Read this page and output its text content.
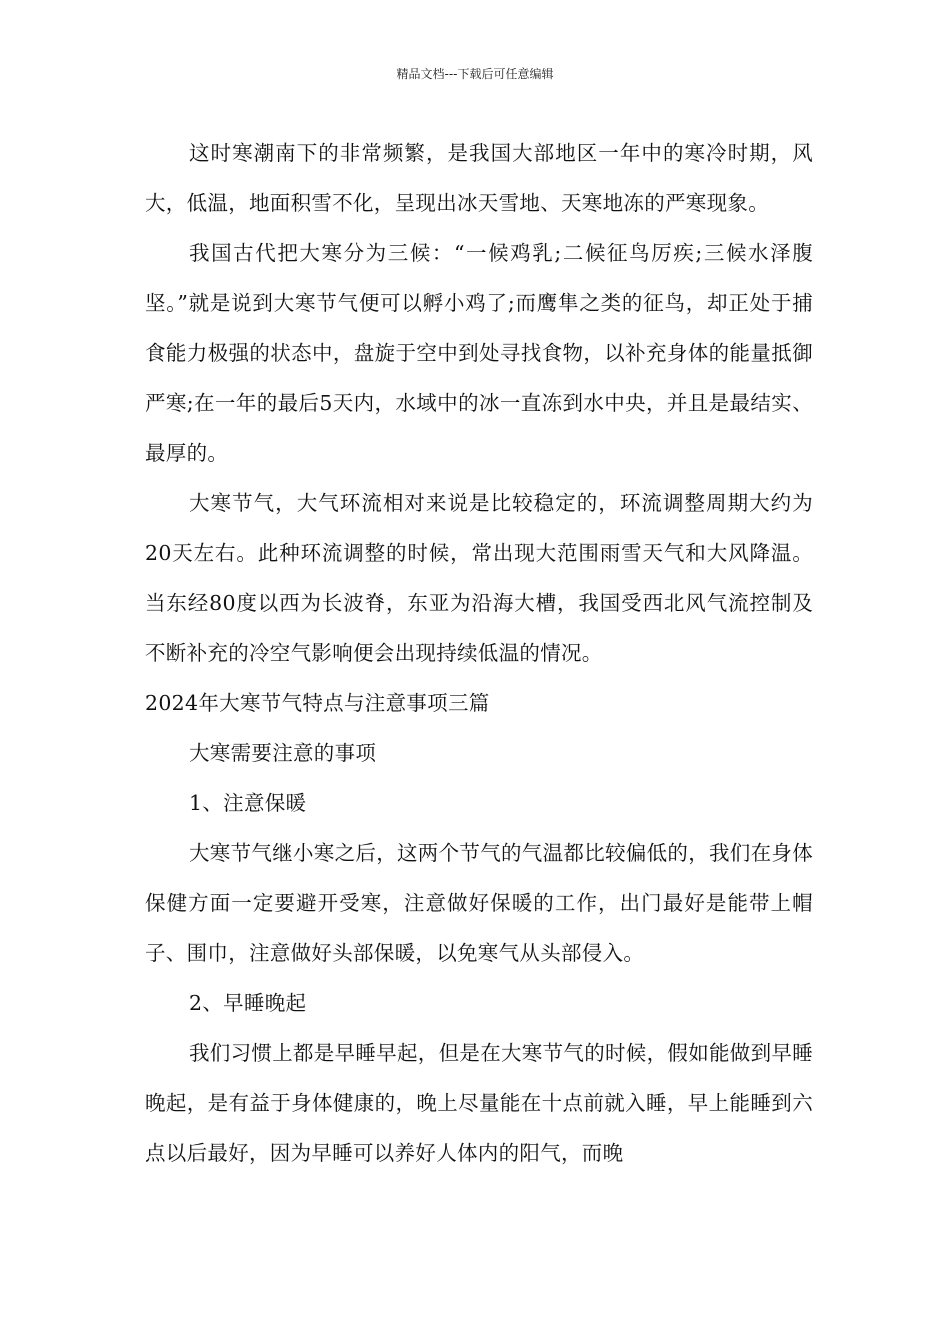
精品文档---下载后可任意编辑

这时寒潮南下的非常频繁，是我国大部地区一年中的寒冷时期，风大，低温，地面积雪不化，呈现出冰天雪地、天寒地冻的严寒现象。

我国古代把大寒分为三候：“一候鸡乳;二候征鸟厉疾;三候水泽腹坚。”就是说到大寒节气便可以孵小鸡了;而鹰隼之类的征鸟，却正处于捕食能力极强的状态中，盘旋于空中到处寻找食物，以补充身体的能量抵御严寒;在一年的最后5天内，水域中的冰一直冻到水中央，并且是最结实、最厚的。

大寒节气，大气环流相对来说是比较稳定的，环流调整周期大约为20天左右。此种环流调整的时候，常出现大范围雨雪天气和大风降温。当东经80度以西为长波脊，东亚为沿海大槽，我国受西北风气流控制及不断补充的冷空气影响便会出现持续低温的情况。

2024年大寒节气特点与注意事项三篇

大寒需要注意的事项

1、注意保暖

大寒节气继小寒之后，这两个节气的气温都比较偏低的，我们在身体保健方面一定要避开受寒，注意做好保暖的工作，出门最好是能带上帽子、围巾，注意做好头部保暖，以免寒气从头部侵入。

2、早睡晚起

我们习惯上都是早睡早起，但是在大寒节气的时候，假如能做到早睡晚起，是有益于身体健康的，晚上尽量能在十点前就入睡，早上能睡到六点以后最好，因为早睡可以养好人体内的阳气，而晚
